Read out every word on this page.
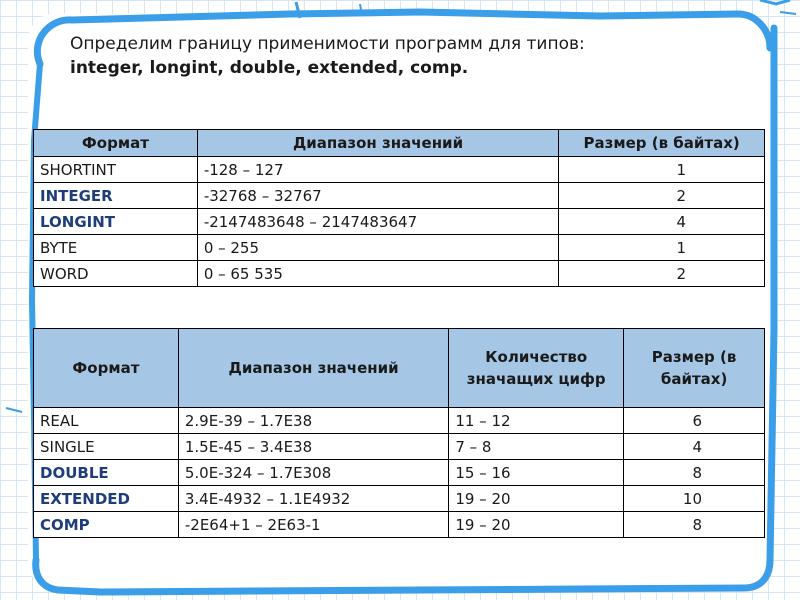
Определим границу применимости программ для типов:
integer, longint, double, extended, comp.
Формат	Диапазон значений	Размер (в байтах)
SHORTINT	-128 – 127	1
INTEGER	-32768 – 32767	2
LONGINT	-2147483648 – 2147483647	4
BYTE	0 – 255	1
WORD	0 – 65 535	2
Формат	Диапазон значений	Количество значащих цифр	Размер (в байтах)
REAL	2.9E-39 – 1.7E38	11 – 12	6
SINGLE	1.5E-45 – 3.4E38	7 – 8	4
DOUBLE	5.0E-324 – 1.7E308	15 – 16	8
EXTENDED	3.4E-4932 – 1.1E4932	19 – 20	10
COMP	-2E64+1 – 2E63-1	19 – 20	8
